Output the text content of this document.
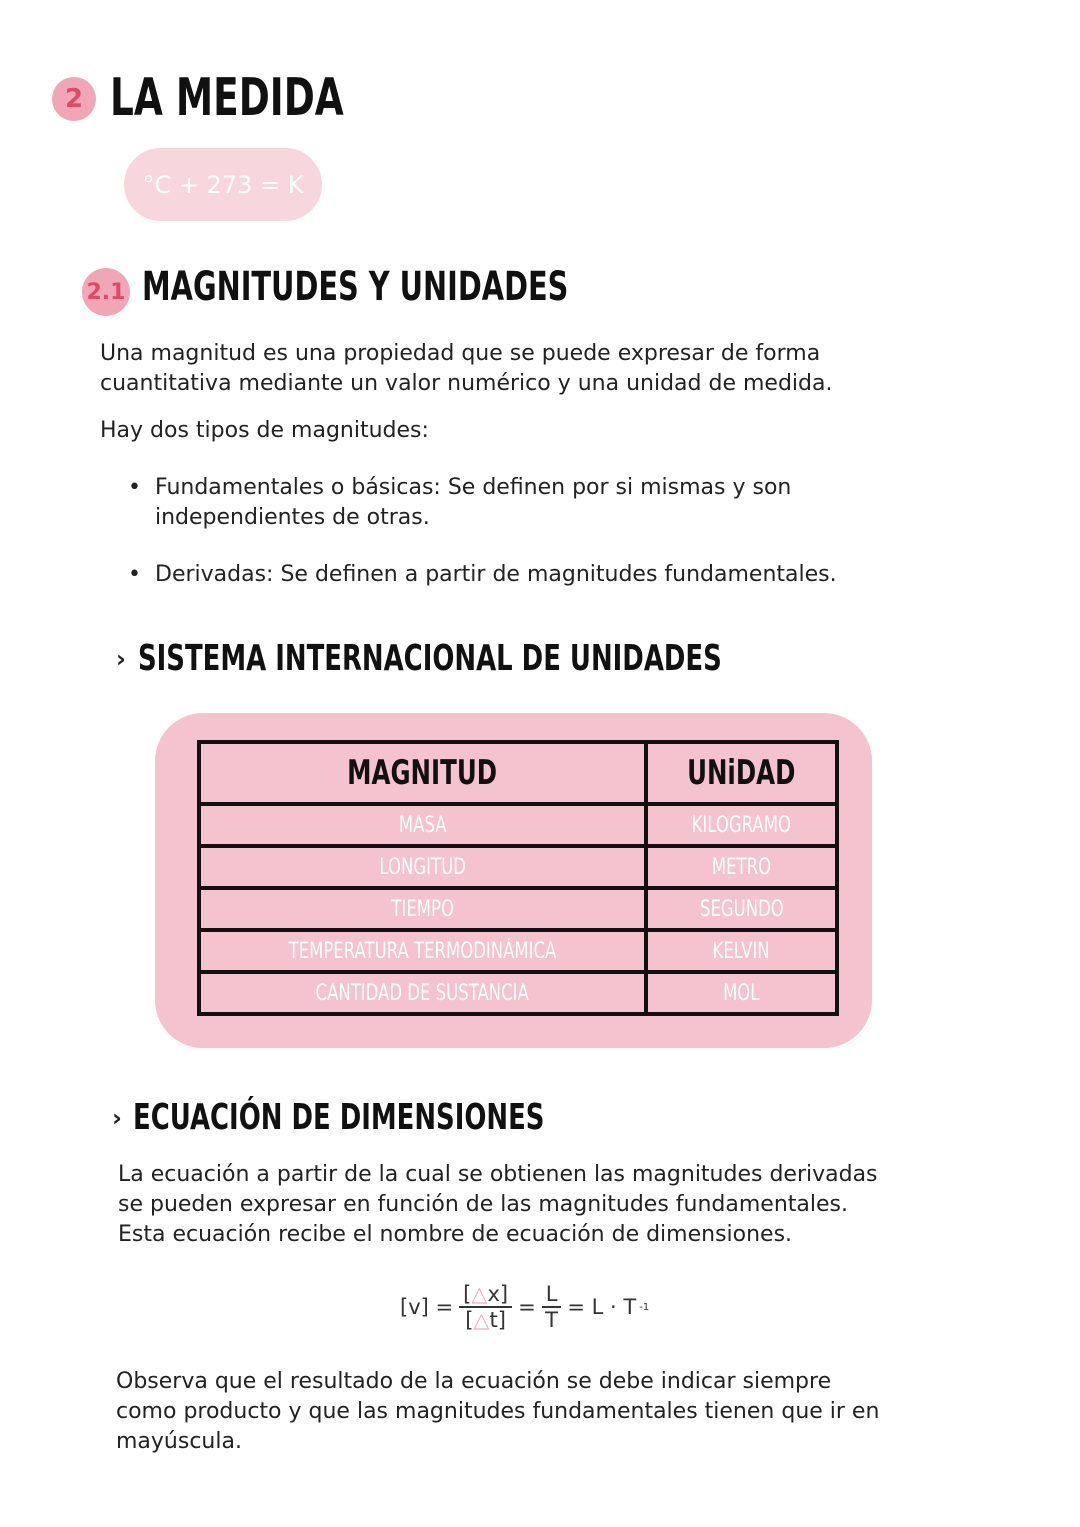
2 LA MEDIDA
°C + 273 = K
2.1 MAGNITUDES Y UNIDADES
Una magnitud es una propiedad que se puede expresar de forma
cuantitativa mediante un valor numérico y una unidad de medida.
Hay dos tipos de magnitudes:
• Fundamentales o básicas: Se definen por si mismas y son
independientes de otras.
• Derivadas: Se definen a partir de magnitudes fundamentales.
› SISTEMA INTERNACIONAL DE UNIDADES
MAGNITUD	UNiDAD
MASA	KILOGRAMO
LONGITUD	METRO
TIEMPO	SEGUNDO
TEMPERATURA TERMODINÁMICA	KELVIN
CANTIDAD DE SUSTANCIA	MOL
› ECUACIÓN DE DIMENSIONES
La ecuación a partir de la cual se obtienen las magnitudes derivadas
se pueden expresar en función de las magnitudes fundamentales.
Esta ecuación recibe el nombre de ecuación de dimensiones.
$[v] = \frac{[\triangle x]}{[\triangle t]} = \frac{L}{T} = L \cdot T$ -1
Observa que el resultado de la ecuación se debe indicar siempre
como producto y que las magnitudes fundamentales tienen que ir en
mayúscula.
